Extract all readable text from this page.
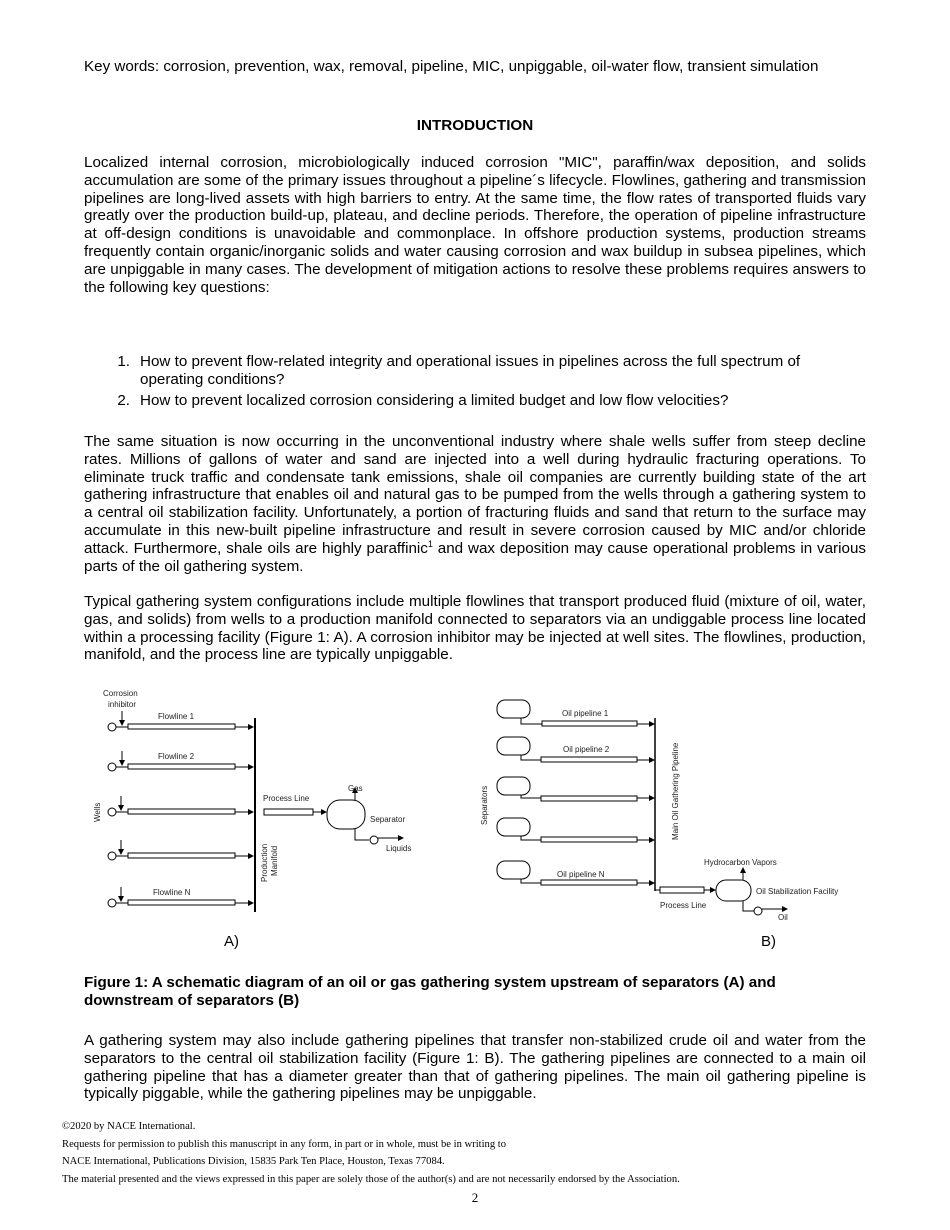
Key words: corrosion, prevention, wax, removal, pipeline, MIC, unpiggable, oil-water flow, transient simulation
INTRODUCTION
Localized internal corrosion, microbiologically induced corrosion "MIC", paraffin/wax deposition, and solids accumulation are some of the primary issues throughout a pipeline´s lifecycle. Flowlines, gathering and transmission pipelines are long-lived assets with high barriers to entry. At the same time, the flow rates of transported fluids vary greatly over the production build-up, plateau, and decline periods. Therefore, the operation of pipeline infrastructure at off-design conditions is unavoidable and commonplace. In offshore production systems, production streams frequently contain organic/inorganic solids and water causing corrosion and wax buildup in subsea pipelines, which are unpiggable in many cases. The development of mitigation actions to resolve these problems requires answers to the following key questions:
1. How to prevent flow-related integrity and operational issues in pipelines across the full spectrum of operating conditions?
2. How to prevent localized corrosion considering a limited budget and low flow velocities?
The same situation is now occurring in the unconventional industry where shale wells suffer from steep decline rates. Millions of gallons of water and sand are injected into a well during hydraulic fracturing operations. To eliminate truck traffic and condensate tank emissions, shale oil companies are currently building state of the art gathering infrastructure that enables oil and natural gas to be pumped from the wells through a gathering system to a central oil stabilization facility. Unfortunately, a portion of fracturing fluids and sand that return to the surface may accumulate in this new-built pipeline infrastructure and result in severe corrosion caused by MIC and/or chloride attack. Furthermore, shale oils are highly paraffinic$^1$ and wax deposition may cause operational problems in various parts of the oil gathering system.
Typical gathering system configurations include multiple flowlines that transport produced fluid (mixture of oil, water, gas, and solids) from wells to a production manifold connected to separators via an undiggable process line located within a processing facility (Figure 1: A). A corrosion inhibitor may be injected at well sites. The flowlines, production, manifold, and the process line are typically unpiggable.
Corrosion
inhibitor
Flowline 1
Flowline 2
Flowline N
Wells
Production Manifold
Process Line
Gas
Separator
Liquids
A)
Oil pipeline 1
Oil pipeline 2
Oil pipeline N
Separators	Main Oil Gathering Pipeline
Hydrocarbon Vapors
Oil Stabilization Facility
Process Line
Oil
B)
Figure 1: A schematic diagram of an oil or gas gathering system upstream of separators (A) and downstream of separators (B)
A gathering system may also include gathering pipelines that transfer non-stabilized crude oil and water from the separators to the central oil stabilization facility (Figure 1: B). The gathering pipelines are connected to a main oil gathering pipeline that has a diameter greater than that of gathering pipelines. The main oil gathering pipeline is typically piggable, while the gathering pipelines may be unpiggable.
©2020 by NACE International.
Requests for permission to publish this manuscript in any form, in part or in whole, must be in writing to
NACE International, Publications Division, 15835 Park Ten Place, Houston, Texas 77084.
The material presented and the views expressed in this paper are solely those of the author(s) and are not necessarily endorsed by the Association.
2
